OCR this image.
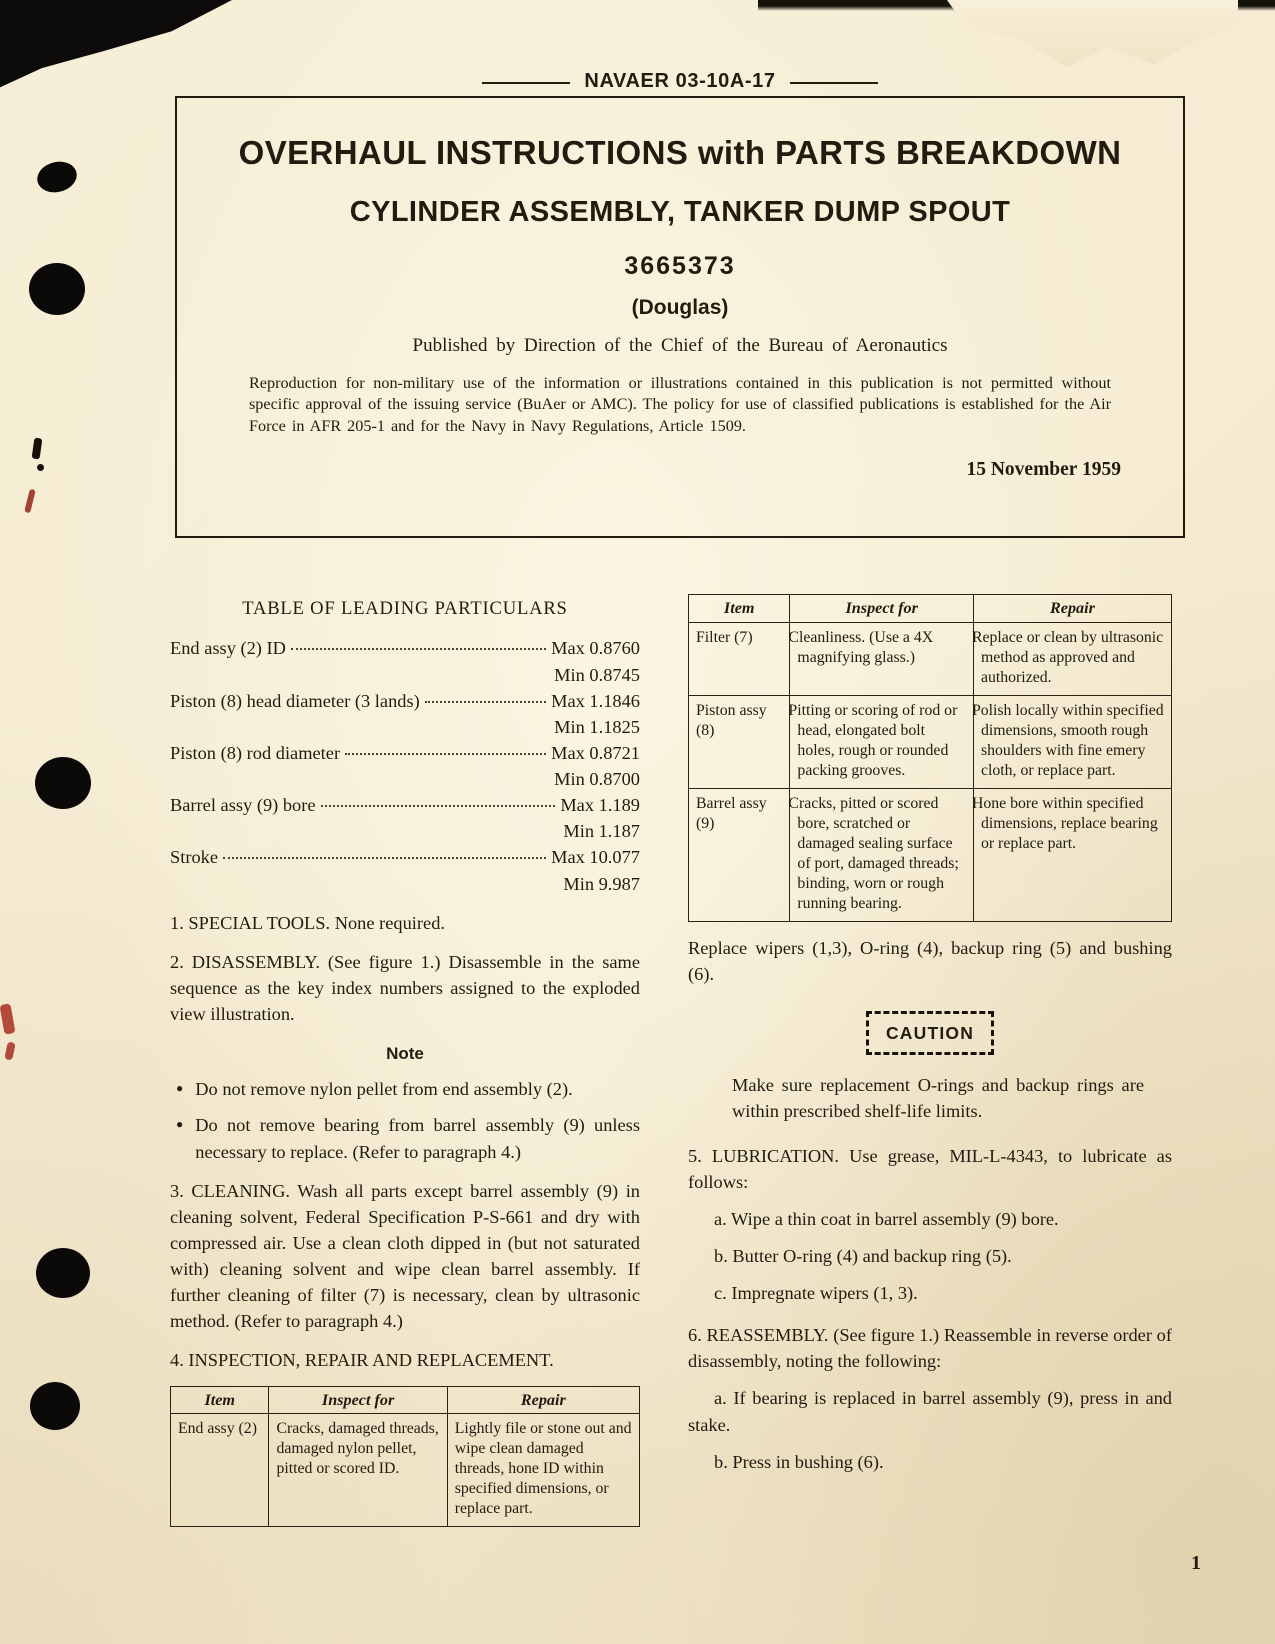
NAVAER 03-10A-17
OVERHAUL INSTRUCTIONS with PARTS BREAKDOWN
CYLINDER ASSEMBLY, TANKER DUMP SPOUT
3665373
(Douglas)
Published by Direction of the Chief of the Bureau of Aeronautics

Reproduction for non-military use of the information or illustrations contained in this publication is not permitted without specific approval of the issuing service (BuAer or AMC). The policy for use of classified publications is established for the Air Force in AFR 205-1 and for the Navy in Navy Regulations, Article 1509.

15 November 1959
TABLE OF LEADING PARTICULARS
End assy (2) ID	Max 0.8760
Min 0.8745
Piston (8) head diameter (3 lands)	Max 1.1846
Min 1.1825
Piston (8) rod diameter	Max 0.8721
Min 0.8700
Barrel assy (9) bore	Max 1.189
Min 1.187
Stroke	Max 10.077
Min 9.987

1. SPECIAL TOOLS. None required.

2. DISASSEMBLY. (See figure 1.) Disassemble in the same sequence as the key index numbers assigned to the exploded view illustration.

Note
● Do not remove nylon pellet from end assembly (2).
● Do not remove bearing from barrel assembly (9) unless necessary to replace. (Refer to paragraph 4.)

3. CLEANING. Wash all parts except barrel assembly (9) in cleaning solvent, Federal Specification P-S-661 and dry with compressed air. Use a clean cloth dipped in (but not saturated with) cleaning solvent and wipe clean barrel assembly. If further cleaning of filter (7) is necessary, clean by ultrasonic method. (Refer to paragraph 4.)

4. INSPECTION, REPAIR AND REPLACEMENT.

Item	Inspect for	Repair
End assy (2)	Cracks, damaged threads, damaged nylon pellet, pitted or scored ID.	Lightly file or stone out and wipe clean damaged threads, hone ID within specified dimensions, or replace part.
Item	Inspect for	Repair
Filter (7)	Cleanliness. (Use a 4X magnifying glass.)	Replace or clean by ultrasonic method as approved and authorized.
Piston assy (8)	Pitting or scoring of rod or head, elongated bolt holes, rough or rounded packing grooves.	Polish locally within specified dimensions, smooth rough shoulders with fine emery cloth, or replace part.
Barrel assy (9)	Cracks, pitted or scored bore, scratched or damaged sealing surface of port, damaged threads; binding, worn or rough running bearing.	Hone bore within specified dimensions, replace bearing or replace part.

Replace wipers (1,3), O-ring (4), backup ring (5) and bushing (6).

CAUTION

Make sure replacement O-rings and backup rings are within prescribed shelf-life limits.

5. LUBRICATION. Use grease, MIL-L-4343, to lubricate as follows:

a. Wipe a thin coat in barrel assembly (9) bore.

b. Butter O-ring (4) and backup ring (5).

c. Impregnate wipers (1, 3).

6. REASSEMBLY. (See figure 1.) Reassemble in reverse order of disassembly, noting the following:

a. If bearing is replaced in barrel assembly (9), press in and stake.

b. Press in bushing (6).

1
